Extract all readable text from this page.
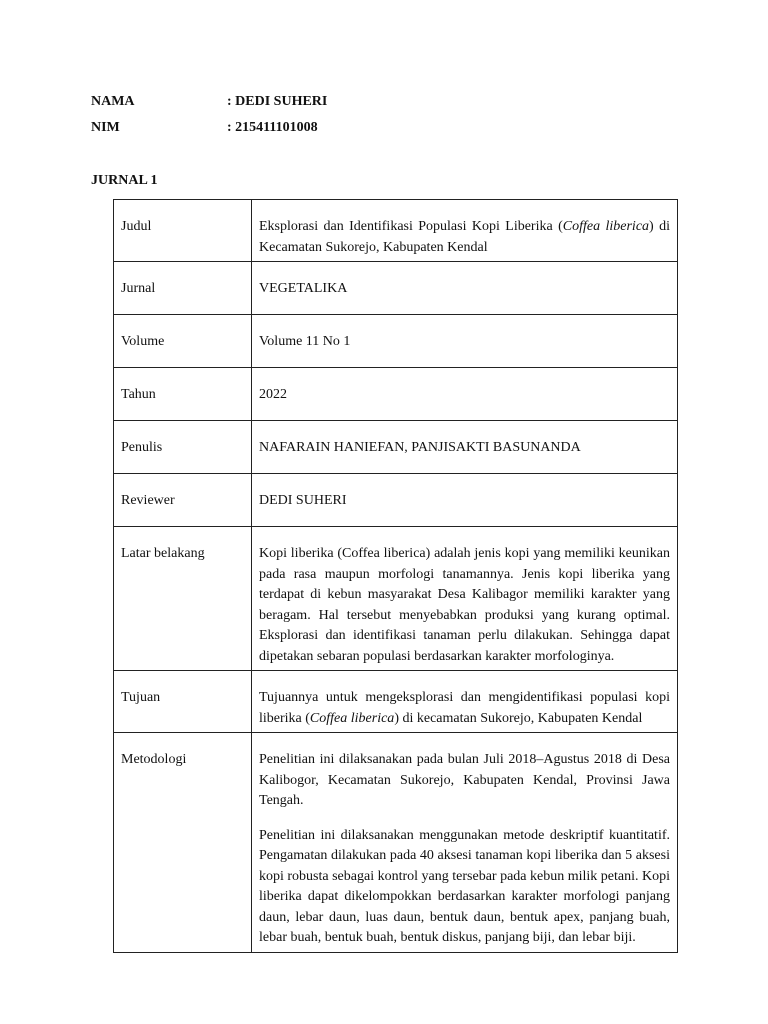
NAMA	: DEDI SUHERI
NIM	: 215411101008
JURNAL 1
Judul	Eksplorasi dan Identifikasi Populasi Kopi Liberika (Coffea liberica) di Kecamatan Sukorejo, Kabupaten Kendal
Jurnal	VEGETALIKA
Volume	Volume 11 No 1
Tahun	2022
Penulis	NAFARAIN HANIEFAN, PANJISAKTI BASUNANDA
Reviewer	DEDI SUHERI
Latar belakang	Kopi liberika (Coffea liberica) adalah jenis kopi yang memiliki keunikan pada rasa maupun morfologi tanamannya. Jenis kopi liberika yang terdapat di kebun masyarakat Desa Kalibagor memiliki karakter yang beragam. Hal tersebut menyebabkan produksi yang kurang optimal. Eksplorasi dan identifikasi tanaman perlu dilakukan. Sehingga dapat dipetakan sebaran populasi berdasarkan karakter morfologinya.
Tujuan	Tujuannya untuk mengeksplorasi dan mengidentifikasi populasi kopi liberika (Coffea liberica) di kecamatan Sukorejo, Kabupaten Kendal
Metodologi	Penelitian ini dilaksanakan pada bulan Juli 2018–Agustus 2018 di Desa Kalibogor, Kecamatan Sukorejo, Kabupaten Kendal, Provinsi Jawa Tengah.

Penelitian ini dilaksanakan menggunakan metode deskriptif kuantitatif. Pengamatan dilakukan pada 40 aksesi tanaman kopi liberika dan 5 aksesi kopi robusta sebagai kontrol yang tersebar pada kebun milik petani. Kopi liberika dapat dikelompokkan berdasarkan karakter morfologi panjang daun, lebar daun, luas daun, bentuk daun, bentuk apex, panjang buah, lebar buah, bentuk buah, bentuk diskus, panjang biji, dan lebar biji.
